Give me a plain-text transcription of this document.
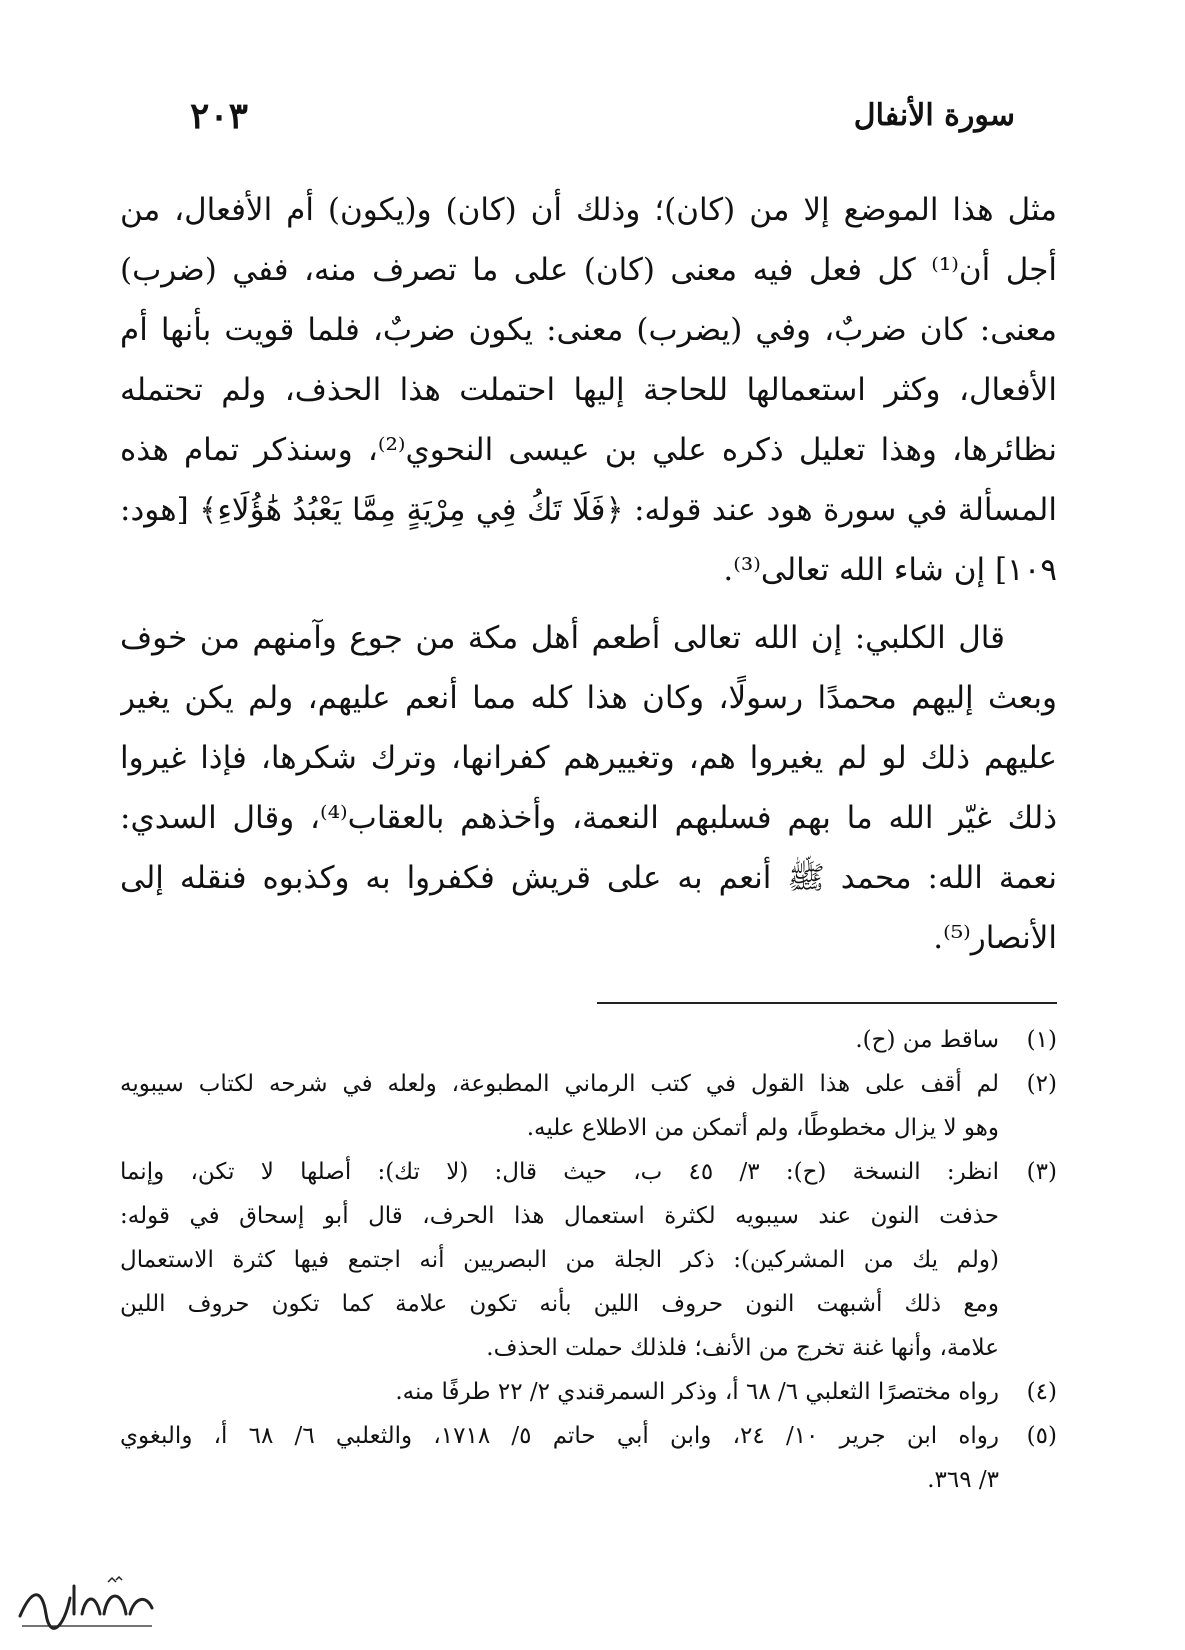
سورة الأنفال
٢٠٣
مثل هذا الموضع إلا من (كان)؛ وذلك أن (كان) و(يكون) أم الأفعال، من
أجل أن⁽¹⁾ كل فعل فيه معنى (كان) على ما تصرف منه، ففي (ضرب)
معنى: كان ضربٌ، وفي (يضرب) معنى: يكون ضربٌ، فلما قويت بأنها أم
الأفعال، وكثر استعمالها للحاجة إليها احتملت هذا الحذف، ولم تحتمله
نظائرها، وهذا تعليل ذكره علي بن عيسى النحوي⁽²⁾، وسنذكر تمام هذه
المسألة في سورة هود عند قوله: ﴿فَلَا تَكُ فِي مِرْيَةٍ مِمَّا يَعْبُدُ هَٰؤُلَاءِ﴾ [هود:
١٠٩] إن شاء الله تعالى⁽³⁾.
قال الكلبي: إن الله تعالى أطعم أهل مكة من جوع وآمنهم من خوف
وبعث إليهم محمدًا رسولًا، وكان هذا كله مما أنعم عليهم، ولم يكن يغير
عليهم ذلك لو لم يغيروا هم، وتغييرهم كفرانها، وترك شكرها، فإذا غيروا
ذلك غيّر الله ما بهم فسلبهم النعمة، وأخذهم بالعقاب⁽⁴⁾، وقال السدي:
نعمة الله: محمد ﷺ أنعم به على قريش فكفروا به وكذبوه فنقله إلى
الأنصار⁽⁵⁾.
(١)
ساقط من (ح).
(٢)
لم أقف على هذا القول في كتب الرماني المطبوعة، ولعله في شرحه لكتاب سيبويه
وهو لا يزال مخطوطًا، ولم أتمكن من الاطلاع عليه.
(٣)
انظر: النسخة (ح): ٣/ ٤٥ ب، حيث قال: (لا تك): أصلها لا تكن، وإنما
حذفت النون عند سيبويه لكثرة استعمال هذا الحرف، قال أبو إسحاق في قوله:
(ولم يك من المشركين): ذكر الجلة من البصريين أنه اجتمع فيها كثرة الاستعمال
ومع ذلك أشبهت النون حروف اللين بأنه تكون علامة كما تكون حروف اللين
علامة، وأنها غنة تخرج من الأنف؛ فلذلك حملت الحذف.
(٤)
رواه مختصرًا الثعلبي ٦/ ٦٨ أ، وذكر السمرقندي ٢/ ٢٢ طرفًا منه.
(٥)
رواه ابن جرير ١٠/ ٢٤، وابن أبي حاتم ٥/ ١٧١٨، والثعلبي ٦/ ٦٨ أ، والبغوي
٣/ ٣٦٩.
